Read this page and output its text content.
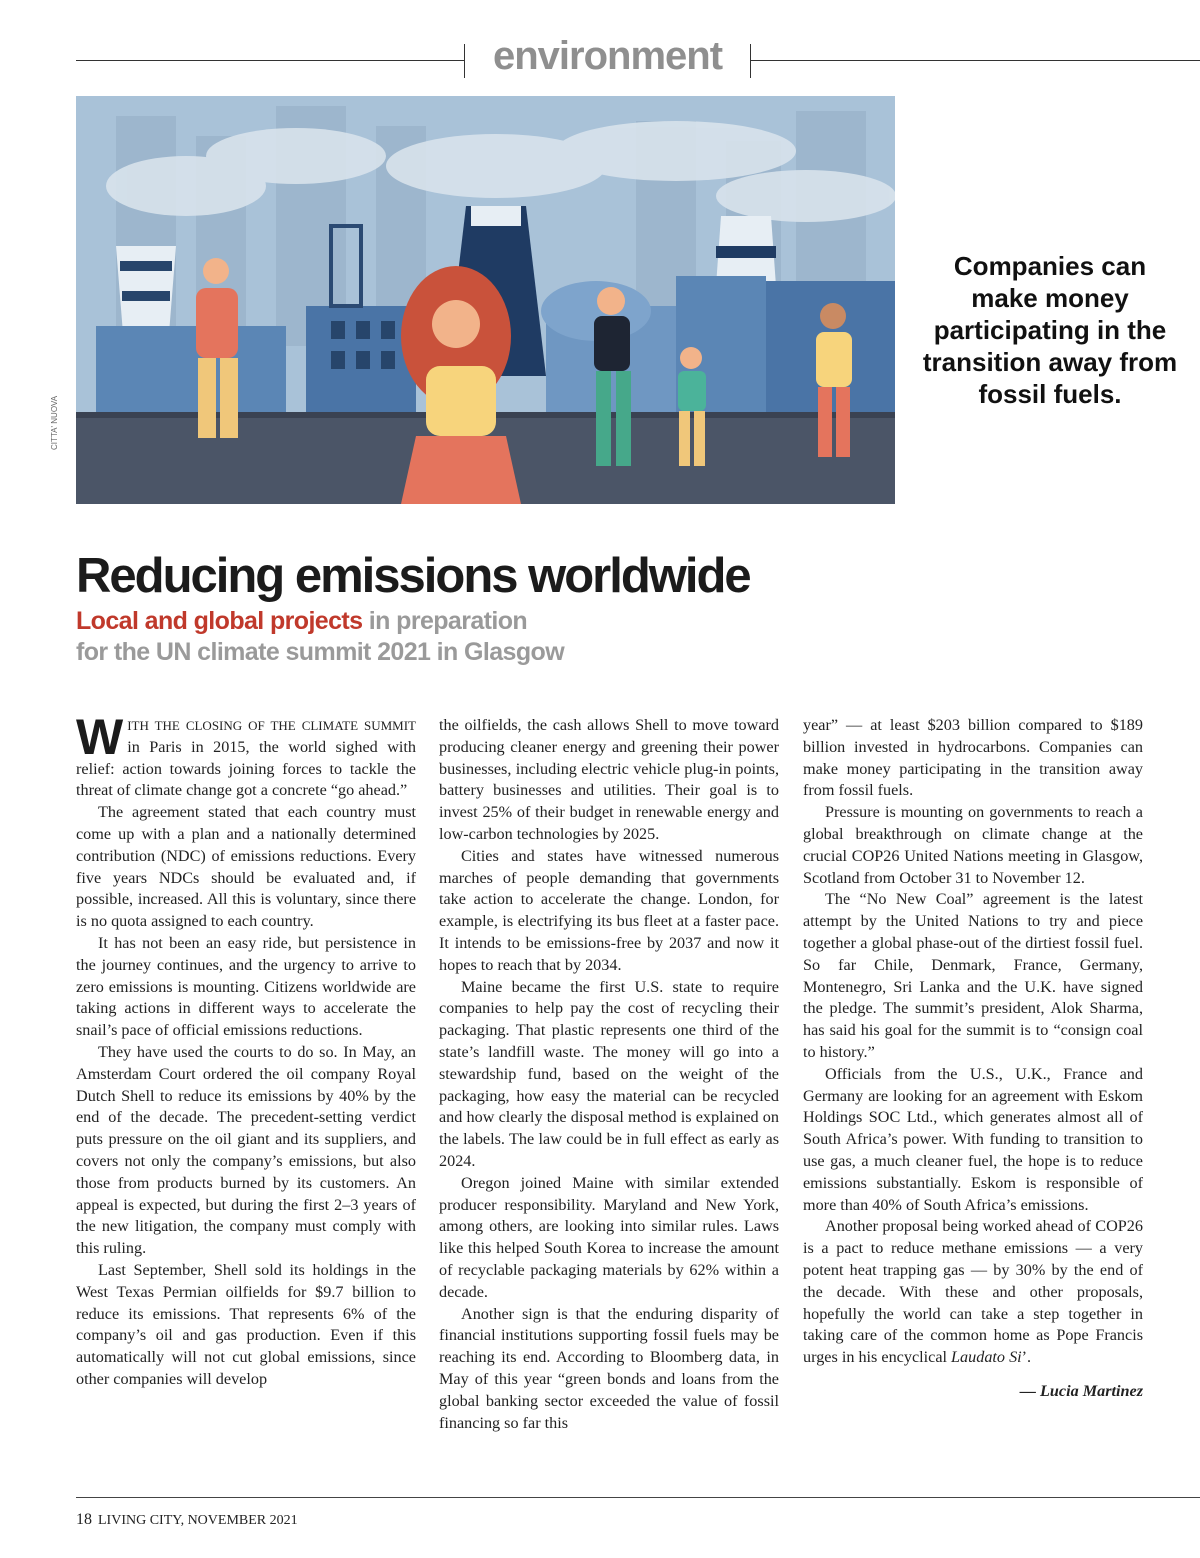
environment
CITTA' NUOVA
Companies can make money participating in the transition away from fossil fuels.
Reducing emissions worldwide

Local and global projects in preparation
for the UN climate summit 2021 in Glasgow

WITH THE CLOSING OF THE CLIMATE SUMMIT in Paris in 2015, the world sighed with relief: action towards joining forces to tackle the threat of climate change got a concrete “go ahead.”

The agreement stated that each country must come up with a plan and a nationally determined contribution (NDC) of emissions reductions. Every five years NDCs should be evaluated and, if possible, increased. All this is voluntary, since there is no quota assigned to each country.

It has not been an easy ride, but persistence in the journey continues, and the urgency to arrive to zero emissions is mounting. Citizens worldwide are taking actions in different ways to accelerate the snail’s pace of official emissions reductions.

They have used the courts to do so. In May, an Amsterdam Court ordered the oil company Royal Dutch Shell to reduce its emissions by 40% by the end of the decade. The precedent-setting verdict puts pressure on the oil giant and its suppliers, and covers not only the company’s emissions, but also those from products burned by its customers. An appeal is expected, but during the first 2–3 years of the new litigation, the company must comply with this ruling.

Last September, Shell sold its holdings in the West Texas Permian oilfields for $9.7 billion to reduce its emissions. That represents 6% of the company’s oil and gas production. Even if this automatically will not cut global emissions, since other companies will develop

the oilfields, the cash allows Shell to move toward producing cleaner energy and greening their power businesses, including electric vehicle plug-in points, battery businesses and utilities. Their goal is to invest 25% of their budget in renewable energy and low-carbon technologies by 2025.

Cities and states have witnessed numerous marches of people demanding that governments take action to accelerate the change. London, for example, is electrifying its bus fleet at a faster pace. It intends to be emissions-free by 2037 and now it hopes to reach that by 2034.

Maine became the first U.S. state to require companies to help pay the cost of recycling their packaging. That plastic represents one third of the state’s landfill waste. The money will go into a stewardship fund, based on the weight of the packaging, how easy the material can be recycled and how clearly the disposal method is explained on the labels. The law could be in full effect as early as 2024.

Oregon joined Maine with similar extended producer responsibility. Maryland and New York, among others, are looking into similar rules. Laws like this helped South Korea to increase the amount of recyclable packaging materials by 62% within a decade.

Another sign is that the enduring disparity of financial institutions supporting fossil fuels may be reaching its end. According to Bloomberg data, in May of this year “green bonds and loans from the global banking sector exceeded the value of fossil financing so far this

year” — at least $203 billion compared to $189 billion invested in hydrocarbons. Companies can make money participating in the transition away from fossil fuels.

Pressure is mounting on governments to reach a global breakthrough on climate change at the crucial COP26 United Nations meeting in Glasgow, Scotland from October 31 to November 12.

The “No New Coal” agreement is the latest attempt by the United Nations to try and piece together a global phase-out of the dirtiest fossil fuel. So far Chile, Denmark, France, Germany, Montenegro, Sri Lanka and the U.K. have signed the pledge. The summit’s president, Alok Sharma, has said his goal for the summit is to “consign coal to history.”

Officials from the U.S., U.K., France and Germany are looking for an agreement with Eskom Holdings SOC Ltd., which generates almost all of South Africa’s power. With funding to transition to use gas, a much cleaner fuel, the hope is to reduce emissions substantially. Eskom is responsible of more than 40% of South Africa’s emissions.

Another proposal being worked ahead of COP26 is a pact to reduce methane emissions — a very potent heat trapping gas — by 30% by the end of the decade. With these and other proposals, hopefully the world can take a step together in taking care of the common home as Pope Francis urges in his encyclical Laudato Si’.

— Lucia Martinez

18 LIVING CITY, NOVEMBER 2021
